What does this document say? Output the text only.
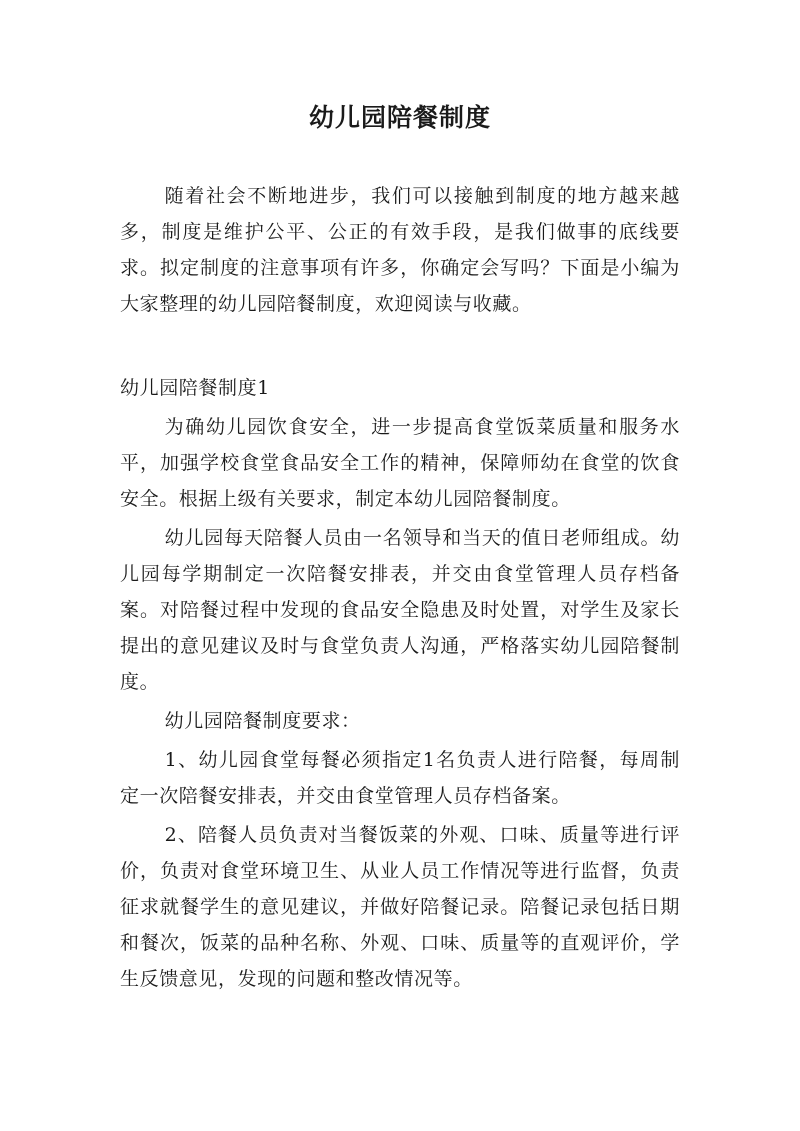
幼儿园陪餐制度

随着社会不断地进步，我们可以接触到制度的地方越来越多，制度是维护公平、公正的有效手段，是我们做事的底线要求。拟定制度的注意事项有许多，你确定会写吗？下面是小编为大家整理的幼儿园陪餐制度，欢迎阅读与收藏。

幼儿园陪餐制度1

为确幼儿园饮食安全，进一步提高食堂饭菜质量和服务水平，加强学校食堂食品安全工作的精神，保障师幼在食堂的饮食安全。根据上级有关要求，制定本幼儿园陪餐制度。

幼儿园每天陪餐人员由一名领导和当天的值日老师组成。幼儿园每学期制定一次陪餐安排表，并交由食堂管理人员存档备案。对陪餐过程中发现的食品安全隐患及时处置，对学生及家长提出的意见建议及时与食堂负责人沟通，严格落实幼儿园陪餐制度。

幼儿园陪餐制度要求：

1、幼儿园食堂每餐必须指定1名负责人进行陪餐，每周制定一次陪餐安排表，并交由食堂管理人员存档备案。

2、陪餐人员负责对当餐饭菜的外观、口味、质量等进行评价，负责对食堂环境卫生、从业人员工作情况等进行监督，负责征求就餐学生的意见建议，并做好陪餐记录。陪餐记录包括日期和餐次，饭菜的品种名称、外观、口味、质量等的直观评价，学生反馈意见，发现的问题和整改情况等。
